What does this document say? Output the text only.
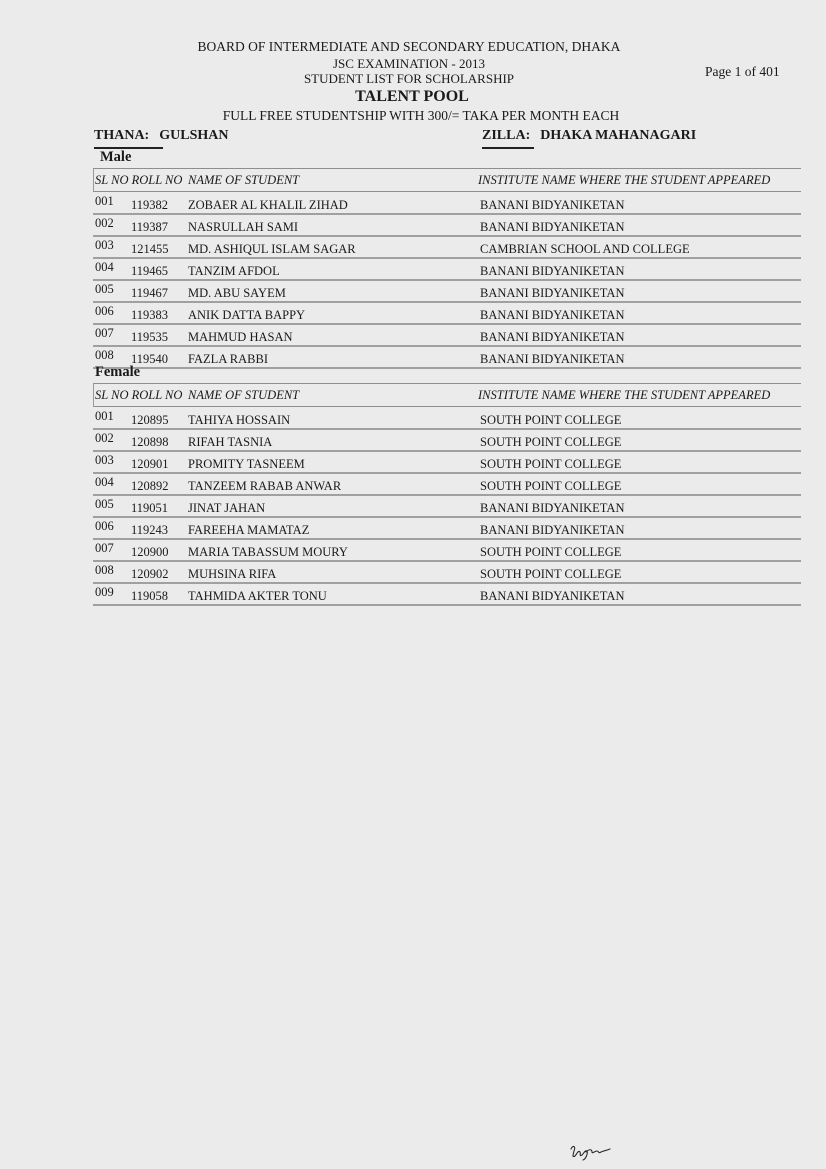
BOARD OF INTERMEDIATE AND SECONDARY EDUCATION, DHAKA
JSC EXAMINATION - 2013
STUDENT LIST FOR SCHOLARSHIP
TALENT POOL
FULL FREE STUDENTSHIP WITH 300/= TAKA PER MONTH EACH
Page 1 of 401
THANA: GULSHAN	ZILLA: DHAKA MAHANAGARI
Male
SL NO ROLL NO NAME OF STUDENT	INSTITUTE NAME WHERE THE STUDENT APPEARED
001 119382 ZOBAER AL KHALIL ZIHAD	BANANI BIDYANIKETAN
002 119387 NASRULLAH SAMI	BANANI BIDYANIKETAN
003 121455 MD. ASHIQUL ISLAM SAGAR	CAMBRIAN SCHOOL AND COLLEGE
004 119465 TANZIM AFDOL	BANANI BIDYANIKETAN
005 119467 MD. ABU SAYEM	BANANI BIDYANIKETAN
006 119383 ANIK DATTA BAPPY	BANANI BIDYANIKETAN
007 119535 MAHMUD HASAN	BANANI BIDYANIKETAN
008 119540 FAZLA RABBI	BANANI BIDYANIKETAN
Female
SL NO ROLL NO NAME OF STUDENT	INSTITUTE NAME WHERE THE STUDENT APPEARED
001 120895 TAHIYA HOSSAIN	SOUTH POINT COLLEGE
002 120898 RIFAH TASNIA	SOUTH POINT COLLEGE
003 120901 PROMITY TASNEEM	SOUTH POINT COLLEGE
004 120892 TANZEEM RABAB ANWAR	SOUTH POINT COLLEGE
005 119051 JINAT JAHAN	BANANI BIDYANIKETAN
006 119243 FAREEHA MAMATAZ	BANANI BIDYANIKETAN
007 120900 MARIA TABASSUM MOURY	SOUTH POINT COLLEGE
008 120902 MUHSINA RIFA	SOUTH POINT COLLEGE
009 119058 TAHMIDA AKTER TONU	BANANI BIDYANIKETAN
